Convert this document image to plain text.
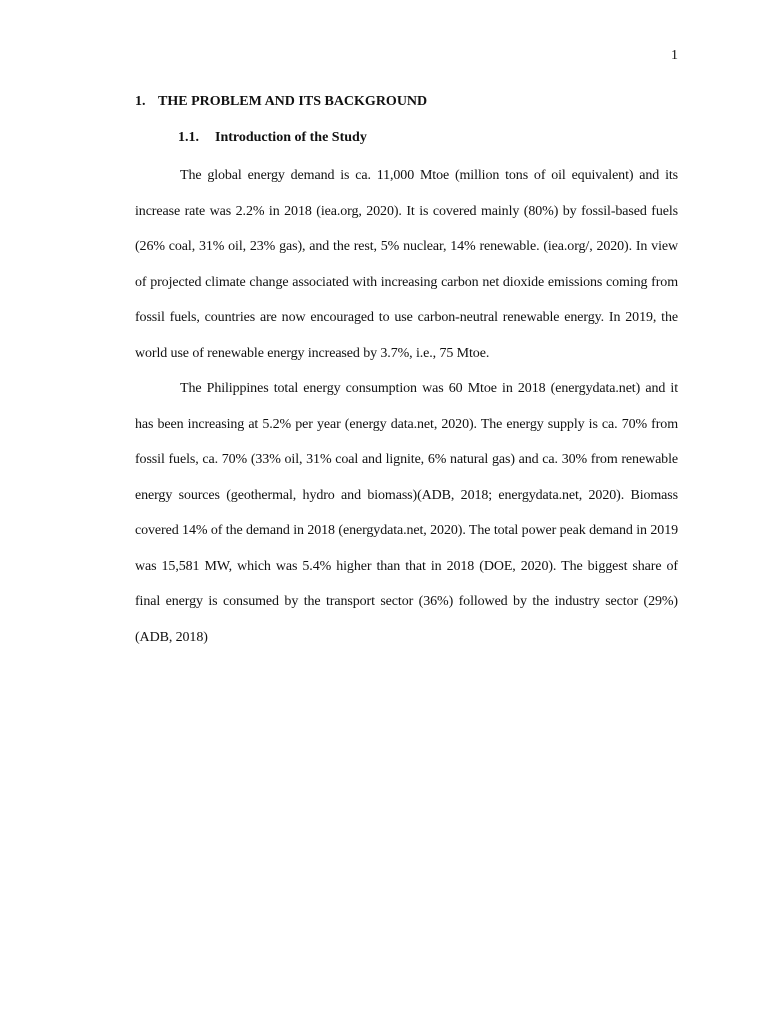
1
1. THE PROBLEM AND ITS BACKGROUND
1.1. Introduction of the Study

The global energy demand is ca. 11,000 Mtoe (million tons of oil equivalent) and its increase rate was 2.2% in 2018 (iea.org, 2020). It is covered mainly (80%) by fossil-based fuels (26% coal, 31% oil, 23% gas), and the rest, 5% nuclear, 14% renewable. (iea.org/, 2020). In view of projected climate change associated with increasing carbon net dioxide emissions coming from fossil fuels, countries are now encouraged to use carbon-neutral renewable energy. In 2019, the world use of renewable energy increased by 3.7%, i.e., 75 Mtoe.

The Philippines total energy consumption was 60 Mtoe in 2018 (energydata.net) and it has been increasing at 5.2% per year (energy data.net, 2020). The energy supply is ca. 70% from fossil fuels, ca. 70% (33% oil, 31% coal and lignite, 6% natural gas) and ca. 30% from renewable energy sources (geothermal, hydro and biomass)(ADB, 2018; energydata.net, 2020). Biomass covered 14% of the demand in 2018 (energydata.net, 2020). The total power peak demand in 2019 was 15,581 MW, which was 5.4% higher than that in 2018 (DOE, 2020). The biggest share of final energy is consumed by the transport sector (36%) followed by the industry sector (29%) (ADB, 2018)
